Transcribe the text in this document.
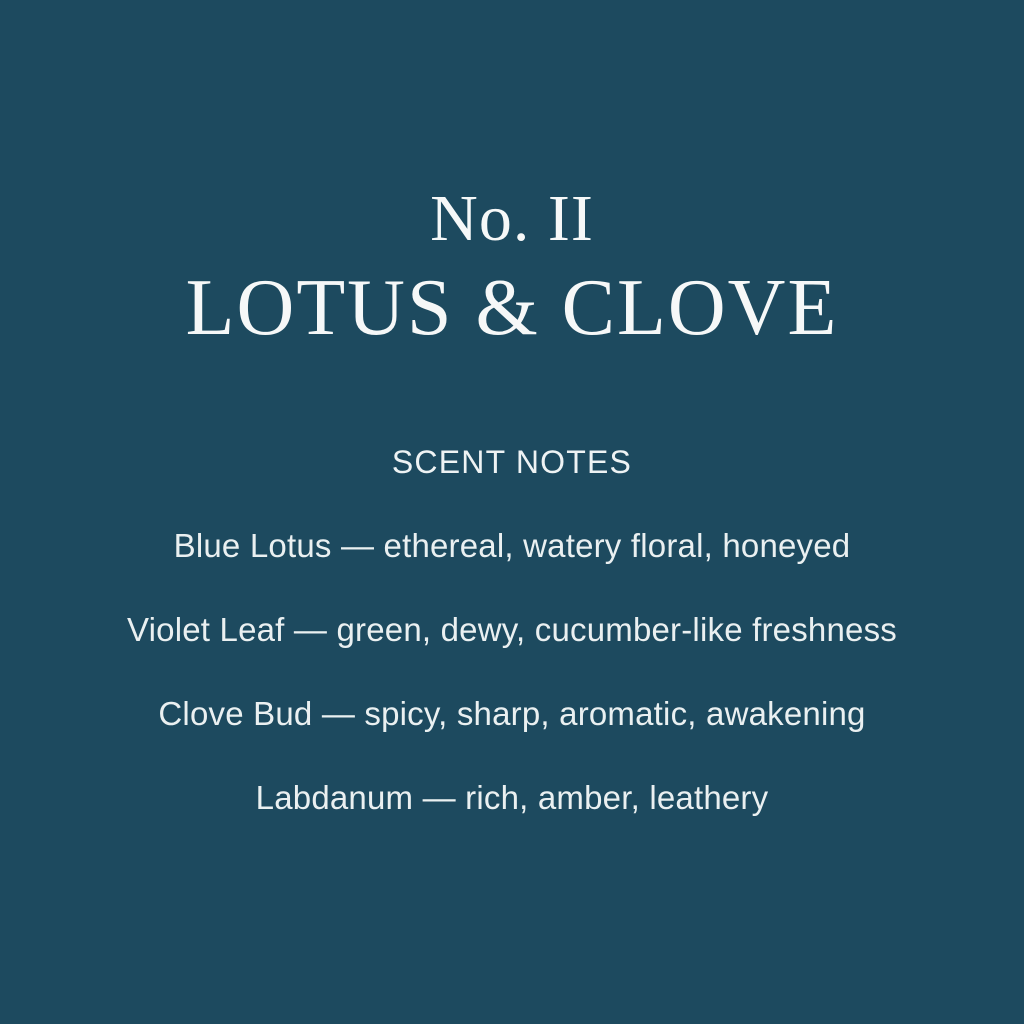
No. II
LOTUS & CLOVE
SCENT NOTES
Blue Lotus — ethereal, watery floral, honeyed
Violet Leaf — green, dewy, cucumber-like freshness
Clove Bud — spicy, sharp, aromatic, awakening
Labdanum — rich, amber, leathery
